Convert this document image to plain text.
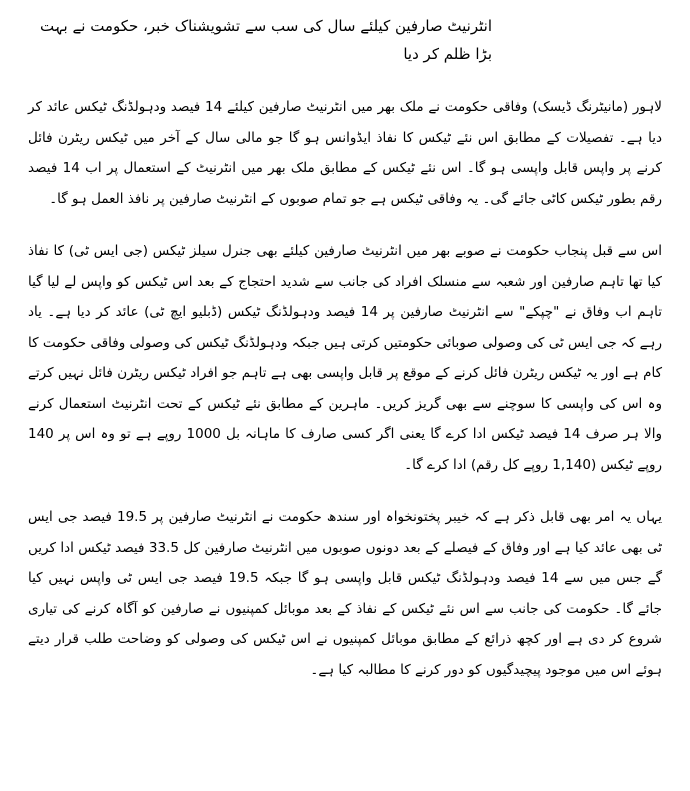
انٹرنیٹ صارفین کیلئے سال کی سب سے تشویشناک خبر، حکومت نے بہت بڑا ظلم کر دیا

لاہور (مانیٹرنگ ڈیسک) وفاقی حکومت نے ملک بھر میں انٹرنیٹ صارفین کیلئے 14 فیصد ودہولڈنگ ٹیکس عائد کر دیا ہے۔ تفصیلات کے مطابق اس نئے ٹیکس کا نفاذ ایڈوانس ہو گا جو مالی سال کے آخر میں ٹیکس ریٹرن فائل کرنے پر واپس قابل واپسی ہو گا۔ اس نئے ٹیکس کے مطابق ملک بھر میں انٹرنیٹ کے استعمال پر اب 14 فیصد رقم بطور ٹیکس کاٹی جائے گی۔ یہ وفاقی ٹیکس ہے جو تمام صوبوں کے انٹرنیٹ صارفین پر نافذ العمل ہو گا۔

اس سے قبل پنجاب حکومت نے صوبے بھر میں انٹرنیٹ صارفین کیلئے بھی جنرل سیلز ٹیکس (جی ایس ٹی) کا نفاذ کیا تھا تاہم صارفین اور شعبہ سے منسلک افراد کی جانب سے شدید احتجاج کے بعد اس ٹیکس کو واپس لے لیا گیا تاہم اب وفاق نے "چپکے" سے انٹرنیٹ صارفین پر 14 فیصد ودہولڈنگ ٹیکس (ڈبلیو ایچ ٹی) عائد کر دیا ہے۔ یاد رہے کہ جی ایس ٹی کی وصولی صوبائی حکومتیں کرتی ہیں جبکہ ودہولڈنگ ٹیکس کی وصولی وفاقی حکومت کا کام ہے اور یہ ٹیکس ریٹرن فائل کرنے کے موقع پر قابل واپسی بھی ہے تاہم جو افراد ٹیکس ریٹرن فائل نہیں کرتے وہ اس کی واپسی کا سوچنے سے بھی گریز کریں۔ ماہرین کے مطابق نئے ٹیکس کے تحت انٹرنیٹ استعمال کرنے والا ہر صرف 14 فیصد ٹیکس ادا کرے گا یعنی اگر کسی صارف کا ماہانہ بل 1000 روپے ہے تو وہ اس پر 140 روپے ٹیکس (1,140 روپے کل رقم) ادا کرے گا۔

یہاں یہ امر بھی قابل ذکر ہے کہ خیبر پختونخواہ اور سندھ حکومت نے انٹرنیٹ صارفین پر 19.5 فیصد جی ایس ٹی بھی عائد کیا ہے اور وفاق کے فیصلے کے بعد دونوں صوبوں میں انٹرنیٹ صارفین کل 33.5 فیصد ٹیکس ادا کریں گے جس میں سے 14 فیصد ودہولڈنگ ٹیکس قابل واپسی ہو گا جبکہ 19.5 فیصد جی ایس ٹی واپس نہیں کیا جائے گا۔ حکومت کی جانب سے اس نئے ٹیکس کے نفاذ کے بعد موبائل کمپنیوں نے صارفین کو آگاہ کرنے کی تیاری شروع کر دی ہے اور کچھ ذرائع کے مطابق موبائل کمپنیوں نے اس ٹیکس کی وصولی کو وضاحت طلب قرار دیتے ہوئے اس میں موجود پیچیدگیوں کو دور کرنے کا مطالبہ کیا ہے۔
